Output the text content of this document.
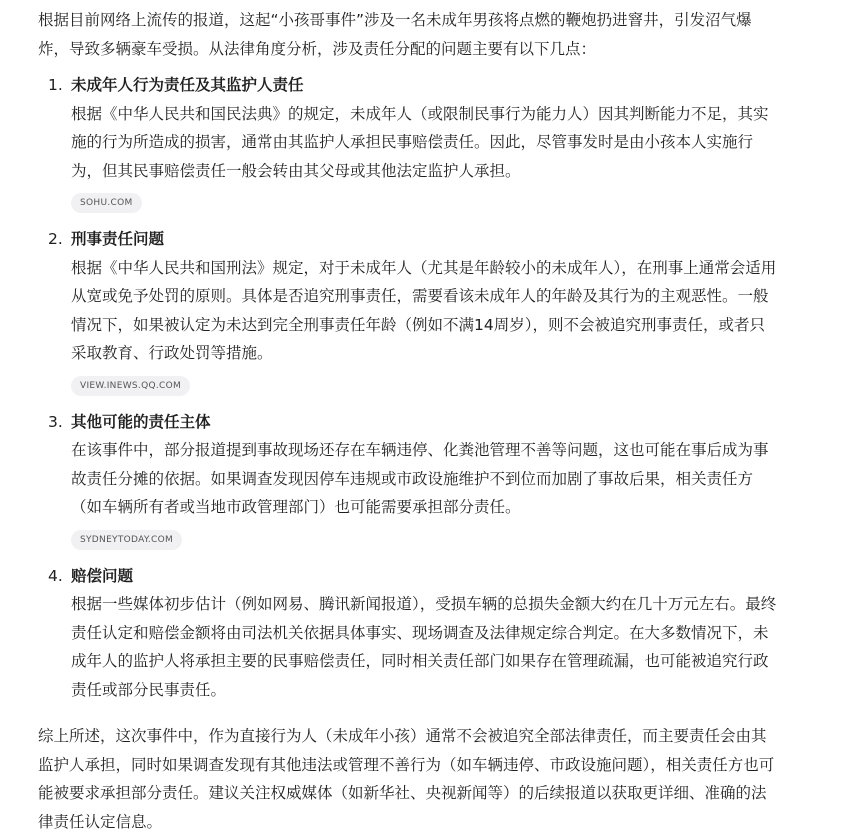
根据目前网络上流传的报道，这起“小孩哥事件”涉及一名未成年男孩将点燃的鞭炮扔进窨井，引发沼气爆炸，导致多辆豪车受损。从法律角度分析，涉及责任分配的问题主要有以下几点：

1. 未成年人行为责任及其监护人责任

根据《中华人民共和国民法典》的规定，未成年人（或限制民事行为能力人）因其判断能力不足，其实施的行为所造成的损害，通常由其监护人承担民事赔偿责任。因此，尽管事发时是由小孩本人实施行为，但其民事赔偿责任一般会转由其父母或其他法定监护人承担。

SOHU.COM
2. 刑事责任问题

根据《中华人民共和国刑法》规定，对于未成年人（尤其是年龄较小的未成年人），在刑事上通常会适用从宽或免予处罚的原则。具体是否追究刑事责任，需要看该未成年人的年龄及其行为的主观恶性。一般情况下，如果被认定为未达到完全刑事责任年龄（例如不满14周岁），则不会被追究刑事责任，或者只采取教育、行政处罚等措施。

VIEW.INEWS.QQ.COM
3. 其他可能的责任主体

在该事件中，部分报道提到事故现场还存在车辆违停、化粪池管理不善等问题，这也可能在事后成为事故责任分摊的依据。如果调查发现因停车违规或市政设施维护不到位而加剧了事故后果，相关责任方（如车辆所有者或当地市政管理部门）也可能需要承担部分责任。

SYDNEYTODAY.COM
4. 赔偿问题

根据一些媒体初步估计（例如网易、腾讯新闻报道），受损车辆的总损失金额大约在几十万元左右。最终责任认定和赔偿金额将由司法机关依据具体事实、现场调查及法律规定综合判定。在大多数情况下，未成年人的监护人将承担主要的民事赔偿责任，同时相关责任部门如果存在管理疏漏，也可能被追究行政责任或部分民事责任。

综上所述，这次事件中，作为直接行为人（未成年小孩）通常不会被追究全部法律责任，而主要责任会由其监护人承担，同时如果调查发现有其他违法或管理不善行为（如车辆违停、市政设施问题），相关责任方也可能被要求承担部分责任。建议关注权威媒体（如新华社、央视新闻等）的后续报道以获取更详细、准确的法律责任认定信息。
